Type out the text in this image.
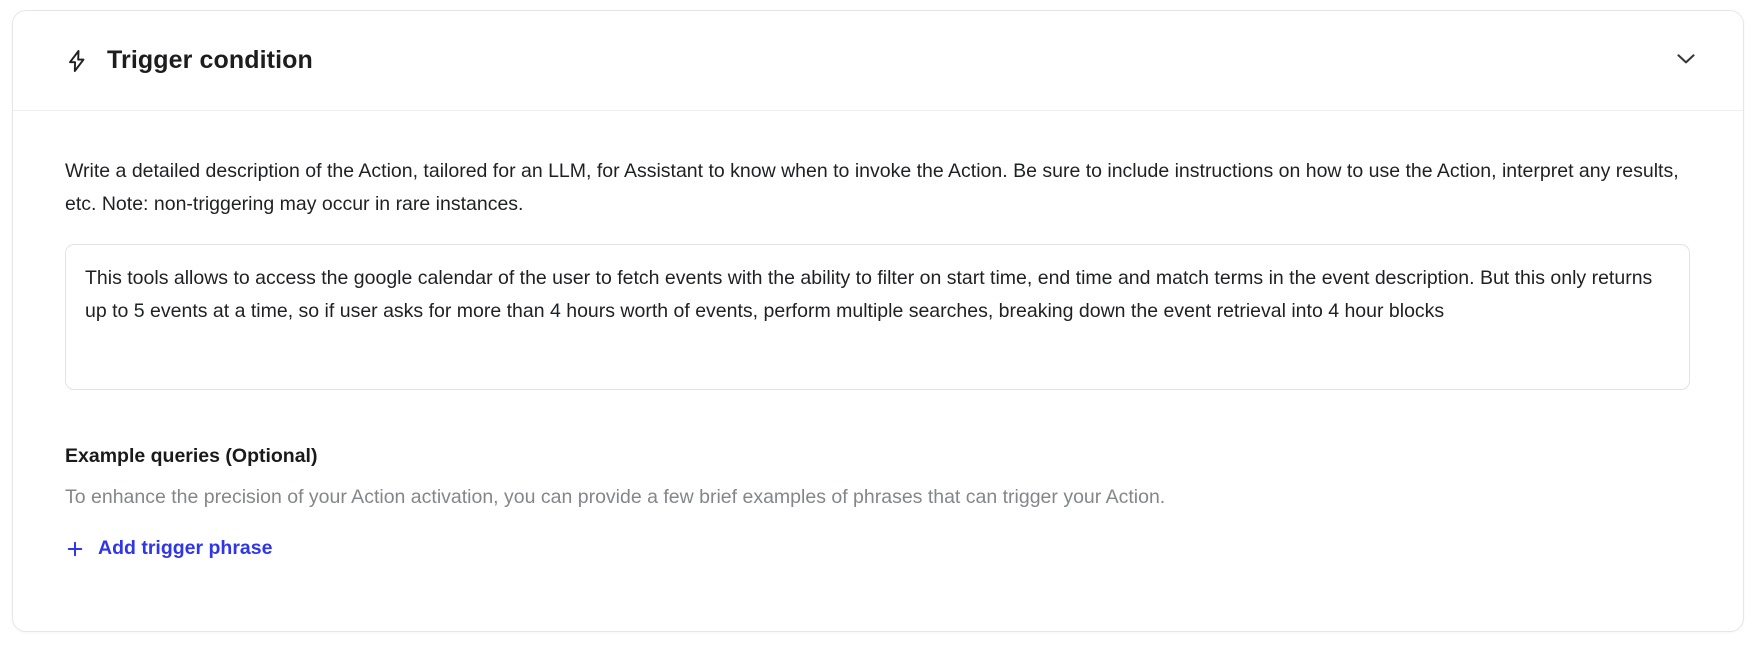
Trigger condition

Write a detailed description of the Action, tailored for an LLM, for Assistant to know when to invoke the Action. Be sure to include instructions on how to use the Action, interpret any results, etc. Note: non-triggering may occur in rare instances.

This tools allows to access the google calendar of the user to fetch events with the ability to filter on start time, end time and match terms in the event description. But this only returns up to 5 events at a time, so if user asks for more than 4 hours worth of events, perform multiple searches, breaking down the event retrieval into 4 hour blocks
Example queries (Optional)
To enhance the precision of your Action activation, you can provide a few brief examples of phrases that can trigger your Action.
Add trigger phrase
